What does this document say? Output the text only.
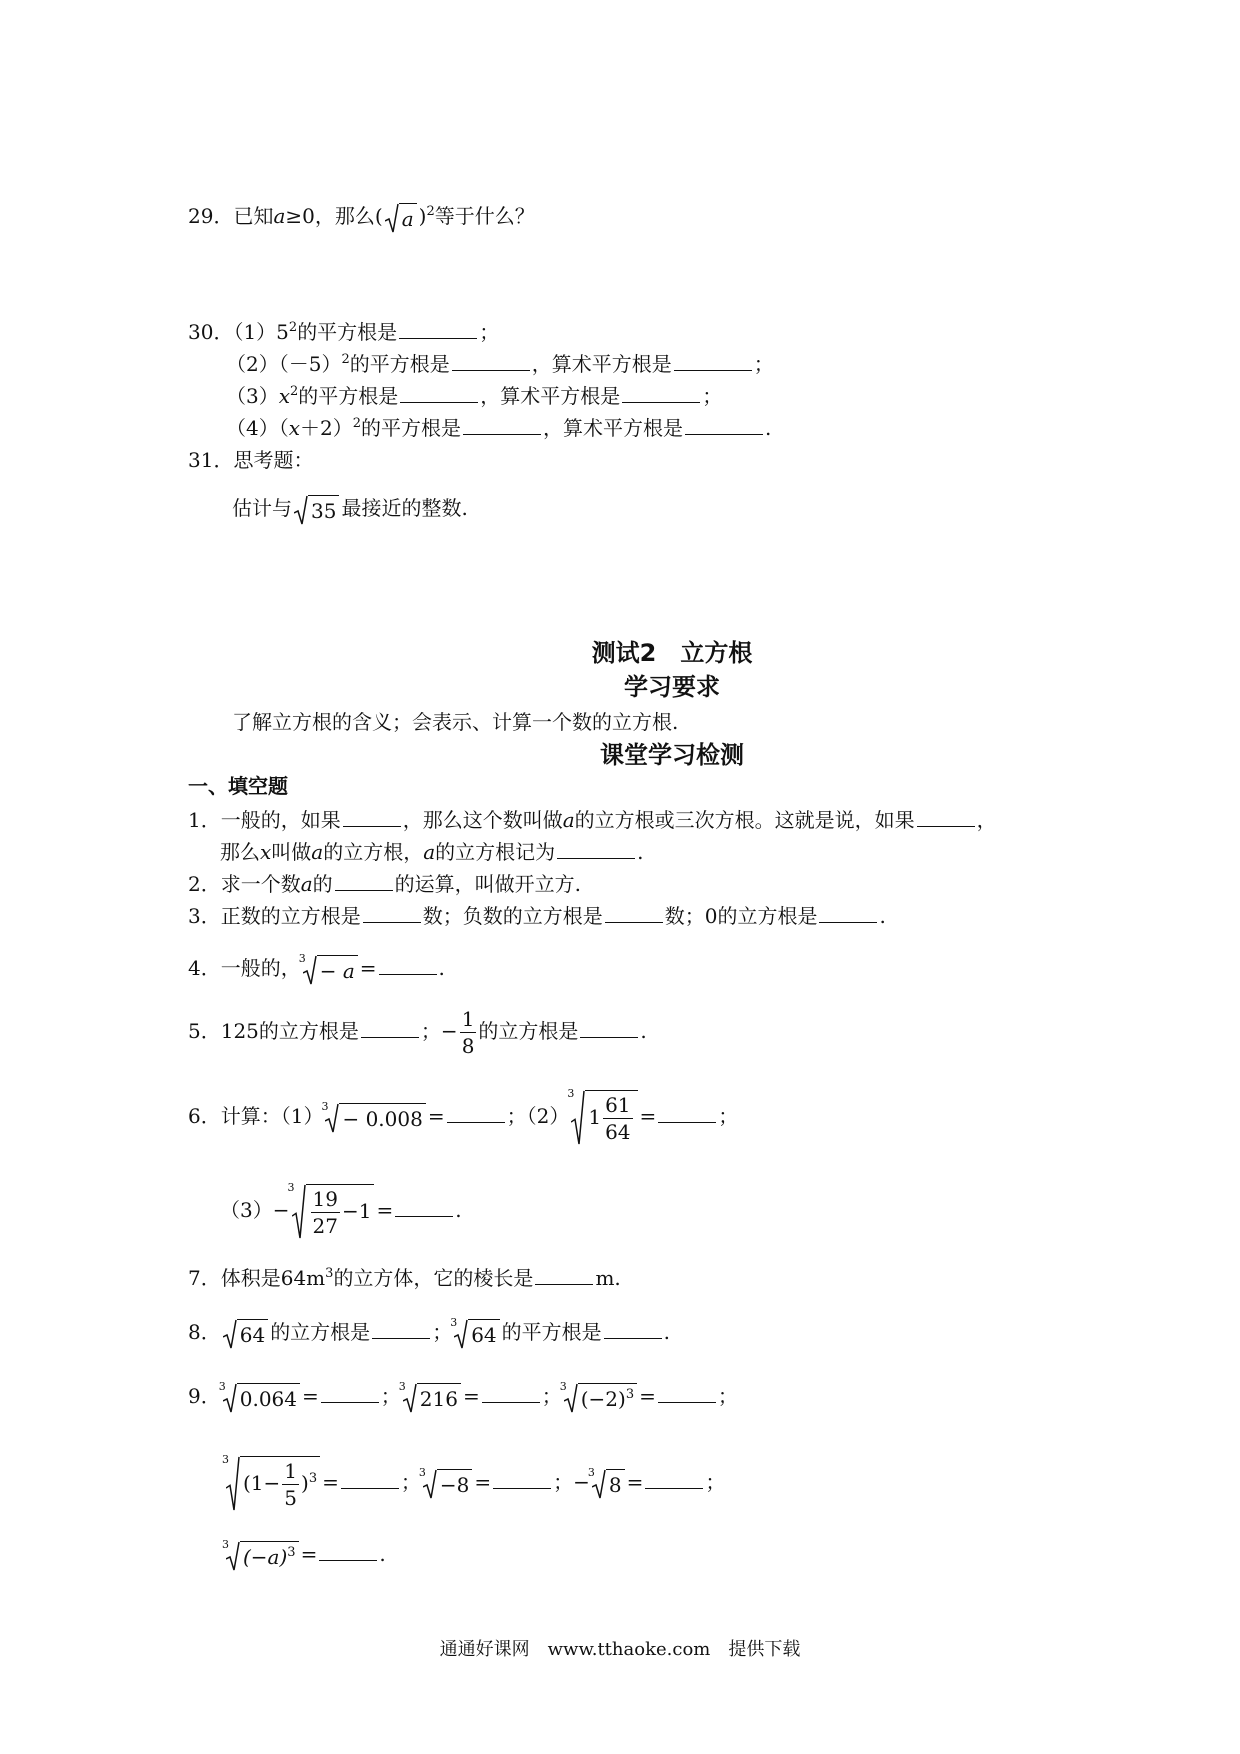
29．已知a≥0，那么( a )$^2$等于什么？
30．$(1)5^2$的平方根是	；
$(2)(-5)^2$的平方根是	，算术平方根是	；
$(3)x^2$的平方根是	，算术平方根是	；
$(4)(x+2)^2$的平方根是	，算术平方根是	.
31．思考题：
估计与 35 最接近的整数.
测试2　立方根
学习要求
了解立方根的含义；会表示、计算一个数的立方根.
课堂学习检测
一、填空题
1．一般的，如果	，那么这个数叫做a的立方根或三次方根。这就是说，如果	，
那么x叫做a的立方根，a的立方根记为	.
2．求一个数a的	的运算，叫做开立方.
3．正数的立方根是	数；负数的立方根是	数；0的立方根是	.
4．一般的，
3
− a =	.
5．125的立方根是	；− $\frac{1}{8}$ 的立方根是	.
6．计算：（1）
3
− 0.008 =	；（2）
3
$1 \frac{61}{64}$ =	；
（3）−
$3 \frac{19}{27} -1$ =	.
7．体积是$64m^3$的立方体，它的棱长是	m.
8． 64 的立方根是	；
3
64 的平方根是	.
9．
3
0.064 =	；
3
216 =	；
3
$(-2)^3$ =	；
3
$(1- \frac{1}{5} )^3$ =	；
3
−8 =	；−
3
8 =	；
3
$(-a)^3$ =	.
通通好课网　www.tthaoke.com　提供下载
